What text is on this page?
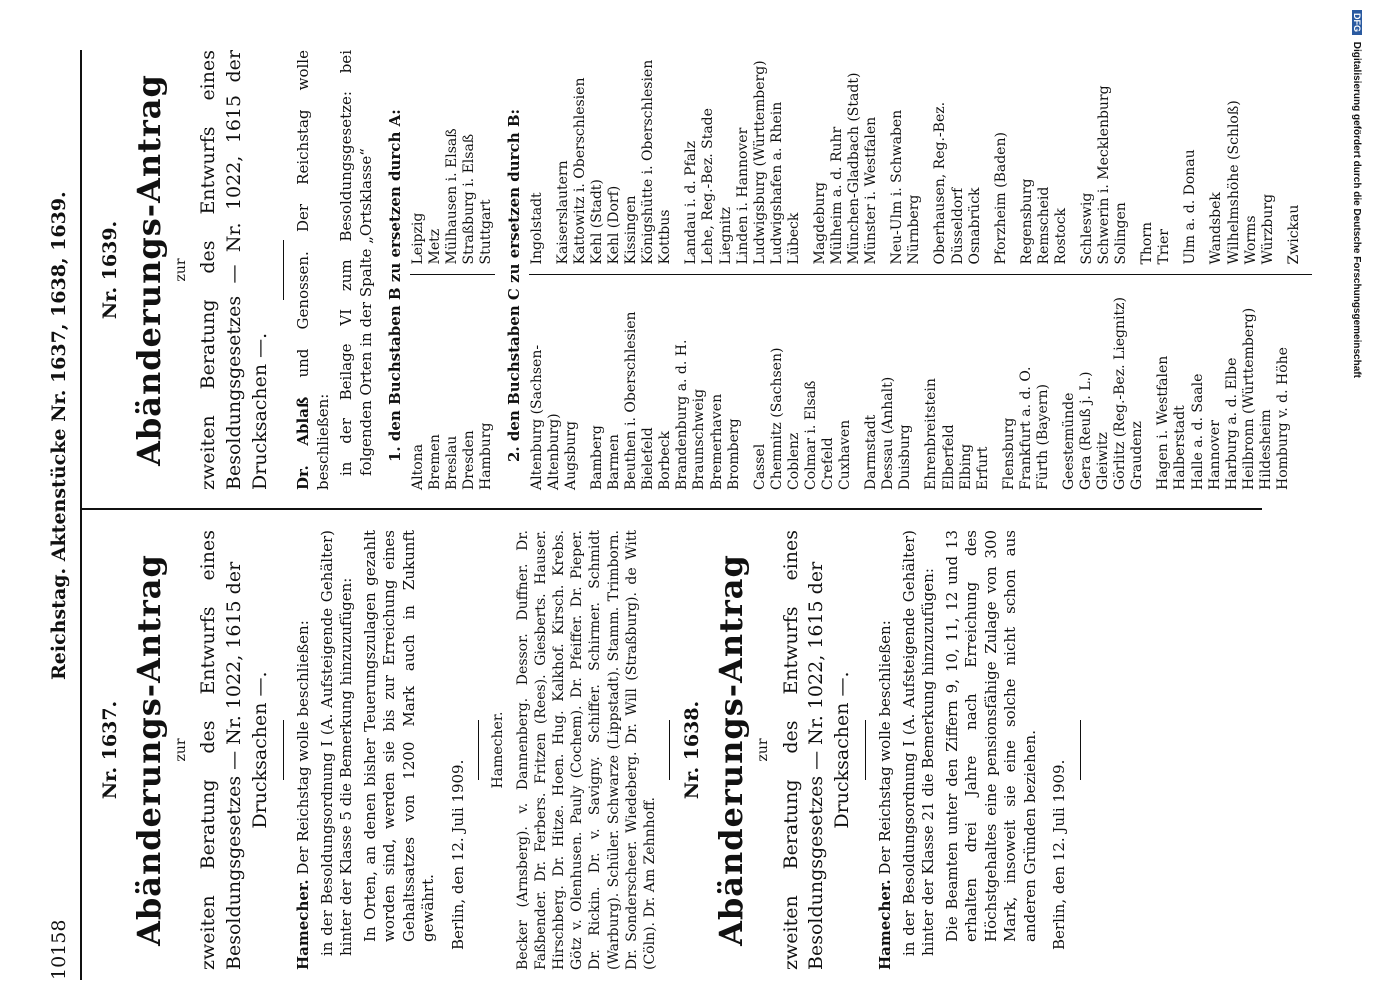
10158
Reichstag. Aktenstücke Nr. 1637, 1638, 1639.
Nr. 1637. Abänderungs-Antrag zur zweiten Beratung des Entwurfs eines Besoldungsgesetzes — Nr. 1022, 1615 der Drucksachen —.
Hamecher. Der Reichstag wolle beschließen: in der Besoldungsordnung I (A. Aufsteigende Gehälter) hinter der Klasse 5 die Bemerkung hinzuzufügen: In Orten, an denen bisher Teuerungszulagen gezahlt worden sind, werden sie bis zur Erreichung eines Gehaltssatzes von 1200 Mark auch in Zukunft gewährt. Berlin, den 12. Juli 1909.
Hamecher. Becker (Arnsberg). v. Dannenberg. Dessor. Duffner. Dr. Faßbender. Dr. Ferbers. Fritzen (Rees). Giesberts. Hauser. Hirschberg. Dr. Hitze. Hoen. Hug. Kalkhof. Kirsch. Krebs. Götz v. Olenhusen. Pauly (Cochem). Dr. Pfeiffer. Dr. Pieper. Dr. Rickin. Dr. v. Savigny. Schiffer. Schirmer. Schmidt (Warburg). Schüler. Schwarze (Lippstadt). Stamm. Trimborn. Dr. Sonderscheer. Wiedeberg. Dr. Will (Straßburg). de Witt (Cöln). Dr. Am Zehnhoff.
Nr. 1638. Abänderungs-Antrag zur zweiten Beratung des Entwurfs eines Besoldungsgesetzes — Nr. 1022, 1615 der Drucksachen —.
Hamecher. Der Reichstag wolle beschließen: in der Besoldungsordnung I (A. Aufsteigende Gehälter) hinter der Klasse 21 die Bemerkung hinzuzufügen: Die Beamten unter den Ziffern 9, 10, 11, 12 und 13 erhalten drei Jahre nach Erreichung des Höchstgehaltes eine pensionsfähige Zulage von 300 Mark, insoweit sie eine solche nicht schon aus anderen Gründen beziehen. Berlin, den 12. Juli 1909.
Nr. 1639. Abänderungs-Antrag zur zweiten Beratung des Entwurfs eines Besoldungsgesetzes — Nr. 1022, 1615 der Drucksachen —. Dr. Ablaß und Genossen. Der Reichstag wolle beschließen: in der Beilage VI zum Besoldungsgesetze: bei folgenden Orten in der Spalte „Ortsklasse“ 1. den Buchstaben B zu ersetzen durch A:
Altona Bremen Breslau Dresden Hamburg
Leipzig Metz Mülhausen i. Elsaß Straßburg i. Elsaß Stuttgart 2. den Buchstaben C zu ersetzen durch B: Altenburg (Sachsen-Altenburg) Augsburg Bamberg Barmen Beuthen i. Oberschlesien Bielefeld Borbeck Brandenburg a. d. H. Braunschweig Bremerhaven Bromberg Cassel Chemnitz (Sachsen) Coblenz Colmar i. Elsaß Crefeld Cuxhaven Darmstadt Dessau (Anhalt) Duisburg Ehrenbreitstein Elberfeld Elbing Erfurt Flensburg Frankfurt a. d. O. Fürth (Bayern) Geestemünde Gera (Reuß j. L.) Gleiwitz Görlitz (Reg.-Bez. Liegnitz) Graudenz Hagen i. Westfalen Halberstadt Halle a. d. Saale Hannover Harburg a. d. Elbe Heilbronn (Württemberg) Hildesheim Homburg v. d. Höhe
Ingolstadt Kaiserslautern Kattowitz i. Oberschlesien Kehl (Stadt) Kehl (Dorf) Kissingen Königshütte i. Oberschlesien Kottbus Landau i. d. Pfalz Lehe, Reg.-Bez. Stade Liegnitz Linden i. Hannover Ludwigsburg (Württemberg) Ludwigshafen a. Rhein Lübeck Magdeburg Mülheim a. d. Ruhr München-Gladbach (Stadt) Münster i. Westfalen Neu-Ulm i. Schwaben Nürnberg Oberhausen, Reg.-Bez. Düsseldorf Osnabrück Pforzheim (Baden) Regensburg Remscheid Rostock Schleswig Schwerin i. Mecklenburg Solingen Thorn Trier Ulm a. d. Donau Wandsbek Wilhelmshöhe (Schloß) Worms Würzburg Zwickau
DFG Digitalisierung gefördert durch die Deutsche Forschungsgemeinschaft
